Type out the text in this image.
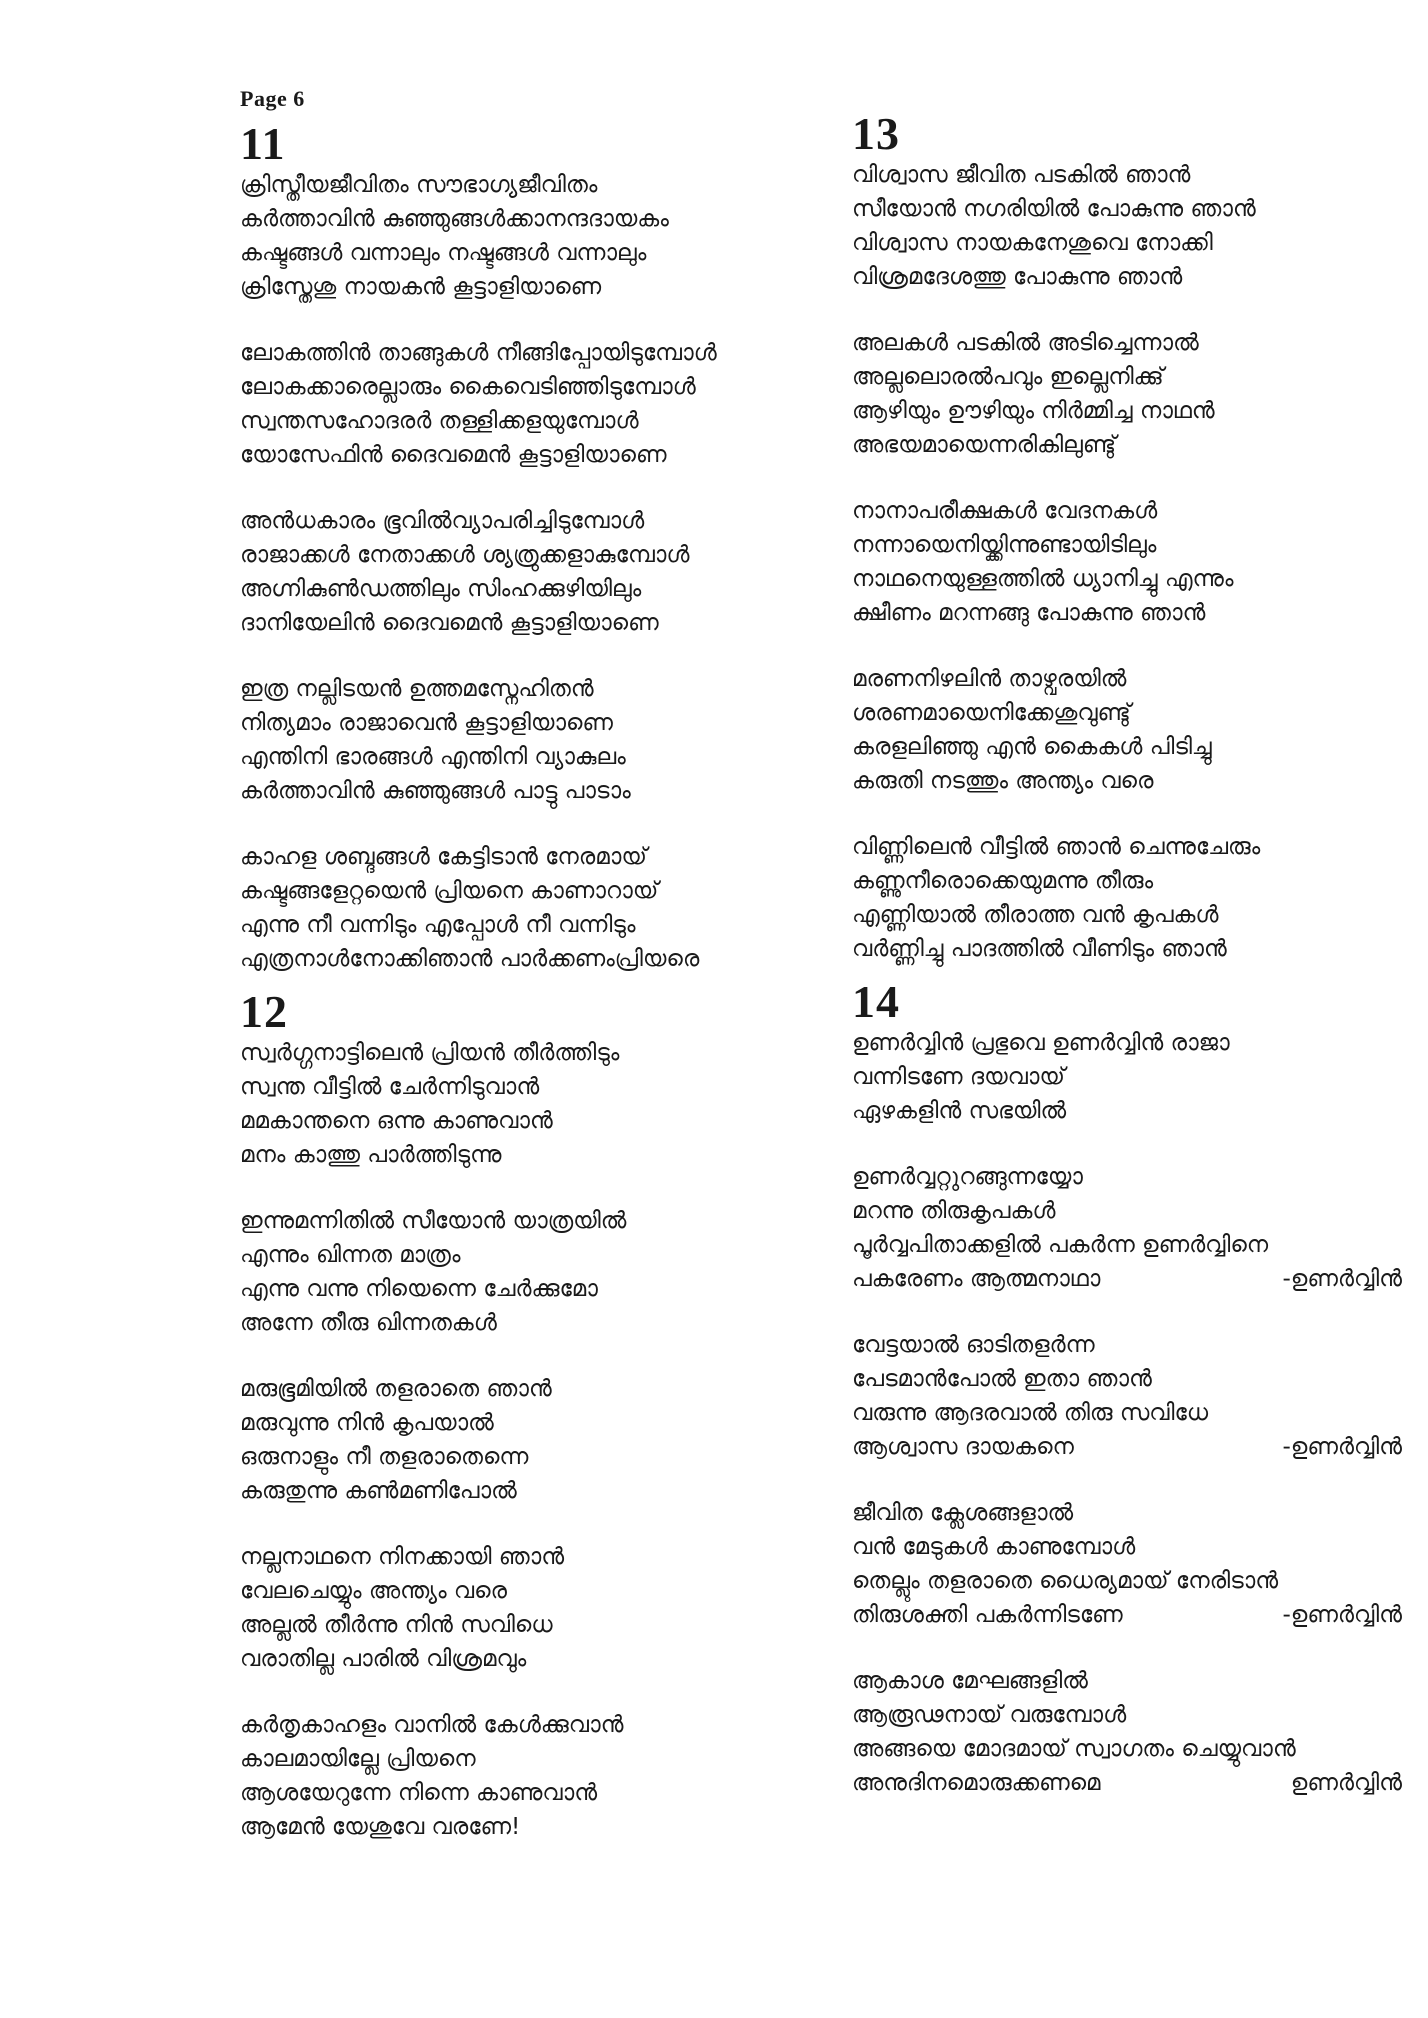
Page 6
11
ക്രിസ്തീയജീവിതം സൗഭാഗ്യജീവിതം
കർത്താവിൻ കുഞ്ഞുങ്ങൾക്കാനന്ദദായകം
കഷ്ടങ്ങൾ വന്നാലും നഷ്ടങ്ങൾ വന്നാലും
ക്രിസ്തേശു നായകൻ കൂട്ടാളിയാണെ
ലോകത്തിൻ താങ്ങുകൾ നീങ്ങിപ്പോയിടുമ്പോൾ
ലോകക്കാരെല്ലാരും കൈവെടിഞ്ഞിടുമ്പോൾ
സ്വന്തസഹോദരർ തള്ളിക്കളയുമ്പോൾ
യോസേഫിൻ ദൈവമെൻ കൂട്ടാളിയാണെ
അൻധകാരം ഭൂവിൽവ്യാപരിച്ചിടുമ്പോൾ
രാജാക്കൾ നേതാക്കൾ ശ്യത്രുക്കളാകുമ്പോൾ
അഗ്നികുൺഡത്തിലും സിംഹക്കുഴിയിലും
ദാനിയേലിൻ ദൈവമെൻ കൂട്ടാളിയാണെ
ഇത്ര നല്ലിടയൻ ഉത്തമസ്നേഹിതൻ
നിത്യമാം രാജാവെൻ കൂട്ടാളിയാണെ
എന്തിനി ഭാരങ്ങൾ എന്തിനി വ്യാകുലം
കർത്താവിൻ കുഞ്ഞുങ്ങൾ പാട്ടു പാടാം
കാഹള ശബ്ദങ്ങൾ കേട്ടിടാൻ നേരമായ്
കഷ്ടങ്ങളേറ്റയെൻ പ്രിയനെ കാണാറായ്
എന്നു നീ വന്നിടും എപ്പോൾ നീ വന്നിടും
എത്രനാൾനോക്കിഞാൻ പാർക്കണംപ്രിയരെ
12
സ്വർഗ്ഗനാട്ടിലെൻ പ്രിയൻ തീർത്തിടും
സ്വന്ത വീട്ടിൽ ചേർന്നിടുവാൻ
മമകാന്തനെ ഒന്നു കാണുവാൻ
മനം കാത്തു പാർത്തിടുന്നു
ഇന്നുമന്നിതിൽ സീയോൻ യാത്രയിൽ
എന്നും ഖിന്നത മാത്രം
എന്നു വന്നു നിയെന്നെ ചേർക്കുമോ
അന്നേ തീരു ഖിന്നതകൾ
മരുഭൂമിയിൽ തളരാതെ ഞാൻ
മരുവുന്നു നിൻ കൃപയാൽ
ഒരുനാളും നീ തളരാതെന്നെ
കരുതുന്നു കൺമണിപോൽ
നല്ലനാഥനെ നിനക്കായി ഞാൻ
വേലചെയ്യും അന്ത്യം വരെ
അല്ലൽ തീർന്നു നിൻ സവിധെ
വരാതില്ല പാരിൽ വിശ്രമവും
കർതൃകാഹളം വാനിൽ കേൾക്കുവാൻ
കാലമായില്ലേ പ്രിയനെ
ആശയേറുന്നേ നിന്നെ കാണുവാൻ
ആമേൻ യേശുവേ വരണേ!
13
വിശ്വാസ ജീവിത പടകിൽ ഞാൻ
സീയോൻ നഗരിയിൽ പോകുന്നു ഞാൻ
വിശ്വാസ നായകനേശുവെ നോക്കി
വിശ്രമദേശത്തു പോകുന്നു ഞാൻ
അലകൾ പടകിൽ അടിച്ചെന്നാൽ
അല്ലലൊരൽപവും ഇല്ലെനിക്കു്
ആഴിയും ഊഴിയും നിർമ്മിച്ച നാഥൻ
അഭയമായെന്നരികിലുണ്ടു്
നാനാപരീക്ഷകൾ വേദനകൾ
നന്നായെനിയ്ക്കിന്നുണ്ടായിടിലും
നാഥനെയുള്ളത്തിൽ ധ്യാനിച്ചു എന്നും
ക്ഷീണം മറന്നങ്ങു പോകുന്നു ഞാൻ
മരണനിഴലിൻ താഴ്വരയിൽ
ശരണമായെനിക്കേശുവുണ്ടു്
കരളലിഞ്ഞു എൻ കൈകൾ പിടിച്ചു
കരുതി നടത്തും അന്ത്യം വരെ
വിണ്ണിലെൻ വീട്ടിൽ ഞാൻ ചെന്നുചേരും
കണ്ണുനീരൊക്കെയുമന്നു തീരും
എണ്ണിയാൽ തീരാത്ത വൻ കൃപകൾ
വർണ്ണിച്ചു പാദത്തിൽ വീണിടും ഞാൻ
14
ഉണർവ്വിൻ പ്രഭുവെ ഉണർവ്വിൻ രാജാ
വന്നിടണേ ദയവായ്
ഏഴകളിൻ സഭയിൽ
ഉണർവ്വറ്റുറങ്ങുന്നയ്യോ
മറന്നു തിരുകൃപകൾ
പൂർവ്വപിതാക്കളിൽ പകർന്ന ഉണർവ്വിനെ
പകരേണം ആത്മനാഥാ	-ഉണർവ്വിൻ
വേട്ടയാൽ ഓടിതളർന്ന
പേടമാൻപോൽ ഇതാ ഞാൻ
വരുന്നു ആദരവാൽ തിരു സവിധേ
ആശ്വാസ ദായകനെ	-ഉണർവ്വിൻ
ജീവിത ക്ലേശങ്ങളാൽ
വൻ മേടുകൾ കാണുമ്പോൾ
തെല്ലും തളരാതെ ധൈര്യമായ് നേരിടാൻ
തിരുശക്തി പകർന്നിടണേ	-ഉണർവ്വിൻ
ആകാശ മേഘങ്ങളിൽ
ആരൂഢനായ് വരുമ്പോൾ
അങ്ങയെ മോദമായ് സ്വാഗതം ചെയ്യുവാൻ
അനുദിനമൊരുക്കണമെ	ഉണർവ്വിൻ
